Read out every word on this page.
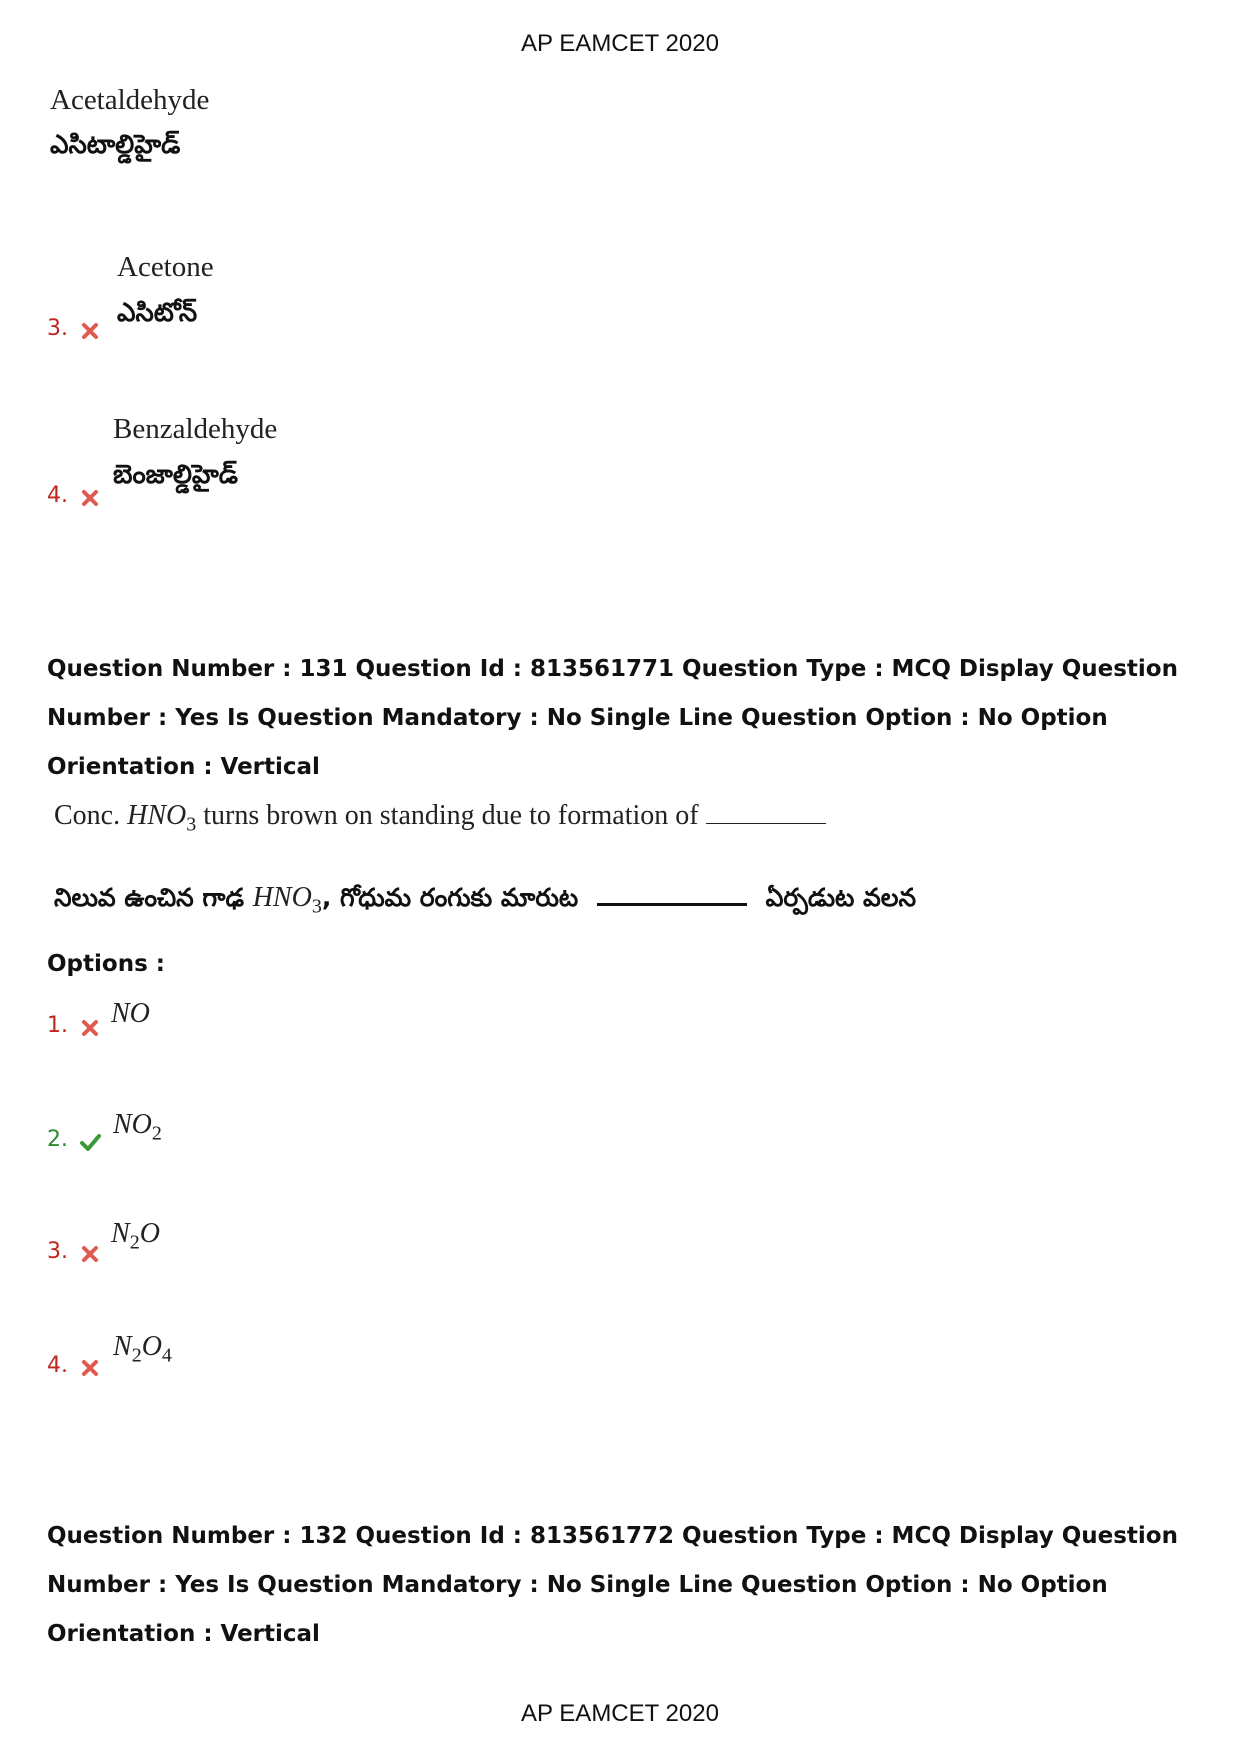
AP EAMCET 2020
Acetaldehyde
ఎసిటాల్డిహైడ్
3.
Acetone
ఎసిటోన్
4.
Benzaldehyde
బెంజాల్డిహైడ్
Question Number : 131 Question Id : 813561771 Question Type : MCQ Display Question
Number : Yes Is Question Mandatory : No Single Line Question Option : No Option
Orientation : Vertical
Conc. $HNO_3$ turns brown on standing due to formation of
నిలువ ఉంచిన గాఢ $HNO_3$, గోధుమ రంగుకు మారుట	ఏర్పడుట వలన
Options :
1.	NO
2.	$NO_2$
3.
$N_2O$
4.
$N_2O_4$
Question Number : 132 Question Id : 813561772 Question Type : MCQ Display Question
Number : Yes Is Question Mandatory : No Single Line Question Option : No Option
Orientation : Vertical
AP EAMCET 2020
